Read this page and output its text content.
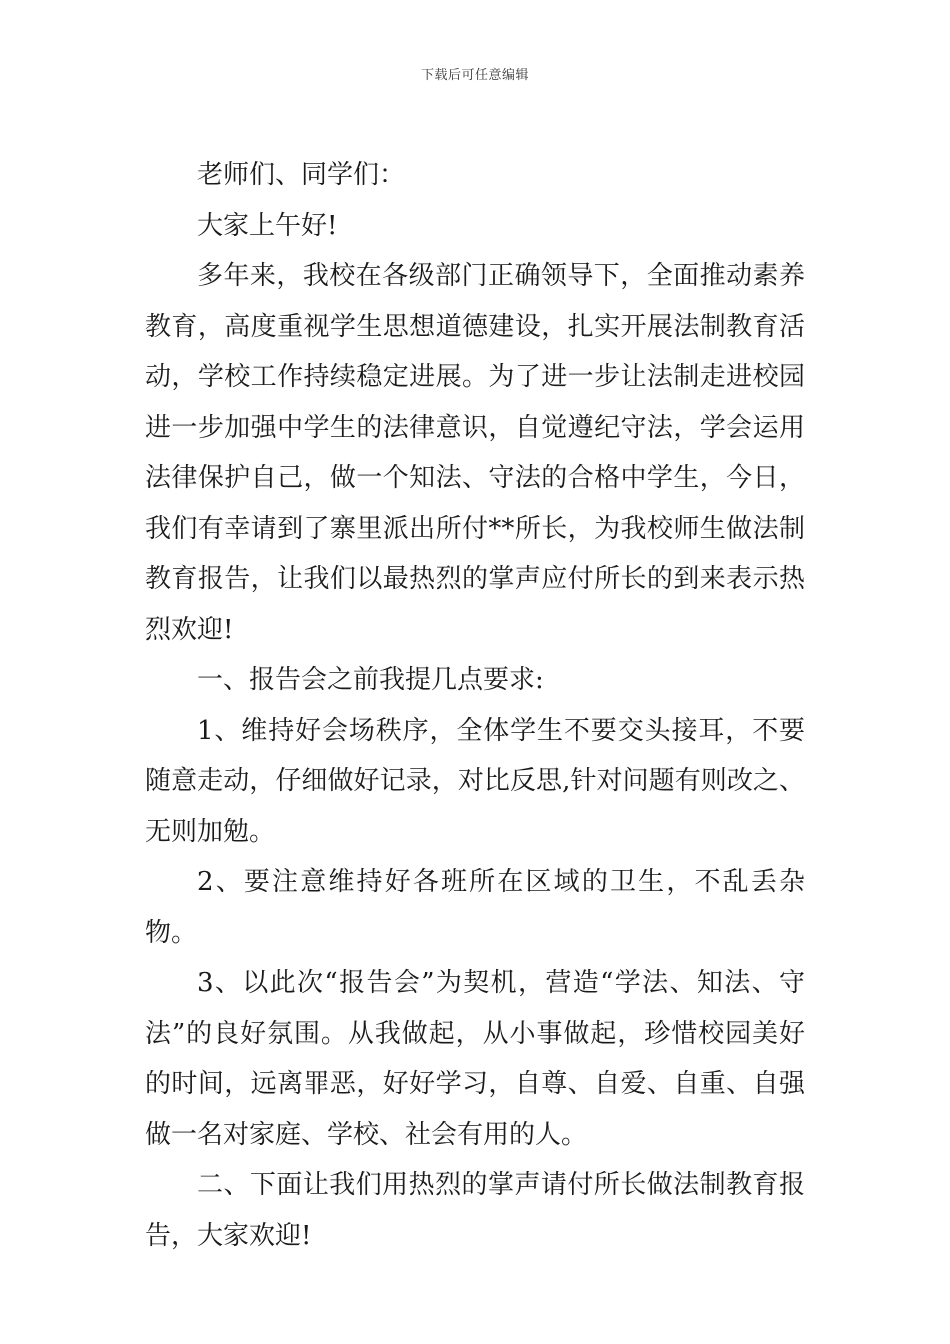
下载后可任意编辑

老师们、同学们：

大家上午好!

多年来，我校在各级部门正确领导下，全面推动素养教育，高度重视学生思想道德建设，扎实开展法制教育活动，学校工作持续稳定进展。为了进一步让法制走进校园进一步加强中学生的法律意识，自觉遵纪守法，学会运用法律保护自己，做一个知法、守法的合格中学生，今日，我们有幸请到了寨里派出所付**所长，为我校师生做法制教育报告，让我们以最热烈的掌声应付所长的到来表示热烈欢迎!

一、报告会之前我提几点要求:

1、维持好会场秩序，全体学生不要交头接耳，不要随意走动，仔细做好记录，对比反思,针对问题有则改之、无则加勉。

2、要注意维持好各班所在区域的卫生，不乱丢杂物。

3、以此次“报告会”为契机，营造“学法、知法、守法”的良好氛围。从我做起，从小事做起，珍惜校园美好的时间，远离罪恶，好好学习，自尊、自爱、自重、自强做一名对家庭、学校、社会有用的人。

二、下面让我们用热烈的掌声请付所长做法制教育报告，大家欢迎!
